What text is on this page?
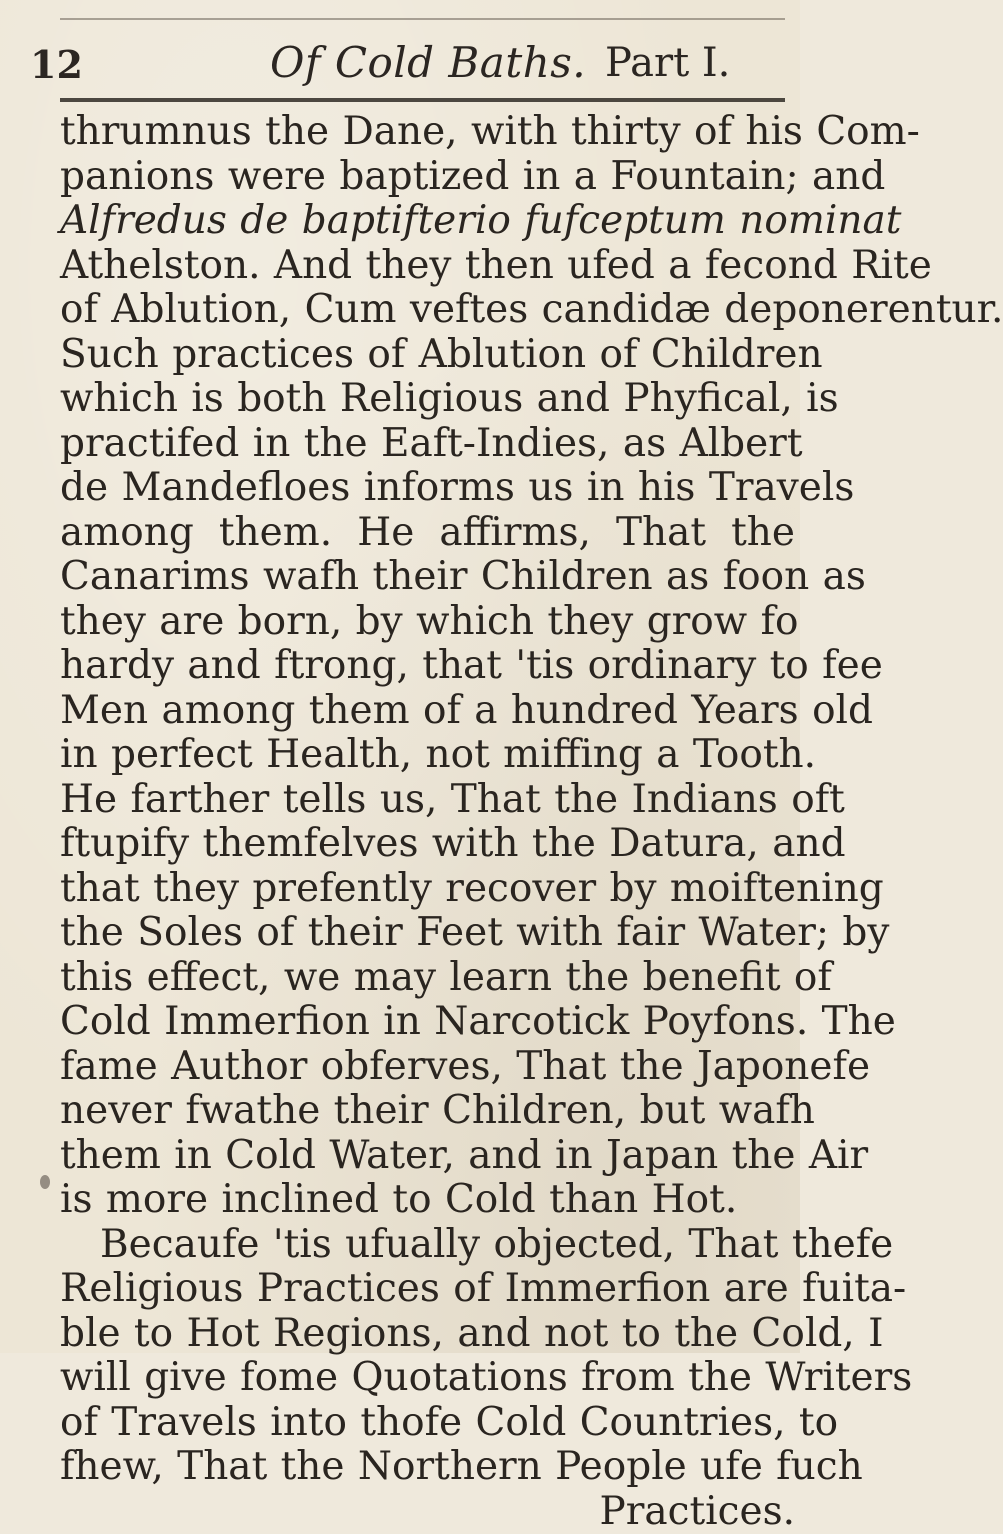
12	Of Cold Baths. Part I.
thrumnus the Dane, with thirty of his Com-
panions were baptized in a Fountain; and
Alfredus de baptifterio fufceptum nominat
Athelston. And they then ufed a fecond Rite
of Ablution, Cum veftes candidæ deponerentur.
Such practices of Ablution of Children
which is both Religious and Phyfical, is
practifed in the Eaft-Indies, as Albert
de Mandefloes informs us in his Travels
among them. He affirms, That the
Canarims wafh their Children as foon as
they are born, by which they grow fo
hardy and ftrong, that 'tis ordinary to fee
Men among them of a hundred Years old
in perfect Health, not miffing a Tooth.
He farther tells us, That the Indians oft
ftupify themfelves with the Datura, and
that they prefently recover by moiftening
the Soles of their Feet with fair Water; by
this effect, we may learn the benefit of
Cold Immerfion in Narcotick Poyfons. The
fame Author obferves, That the Japonefe
never fwathe their Children, but wafh
them in Cold Water, and in Japan the Air
is more inclined to Cold than Hot.
Becaufe 'tis ufually objected, That thefe
Religious Practices of Immerfion are fuita-
ble to Hot Regions, and not to the Cold, I
will give fome Quotations from the Writers
of Travels into thofe Cold Countries, to
fhew, That the Northern People ufe fuch
Practices.
